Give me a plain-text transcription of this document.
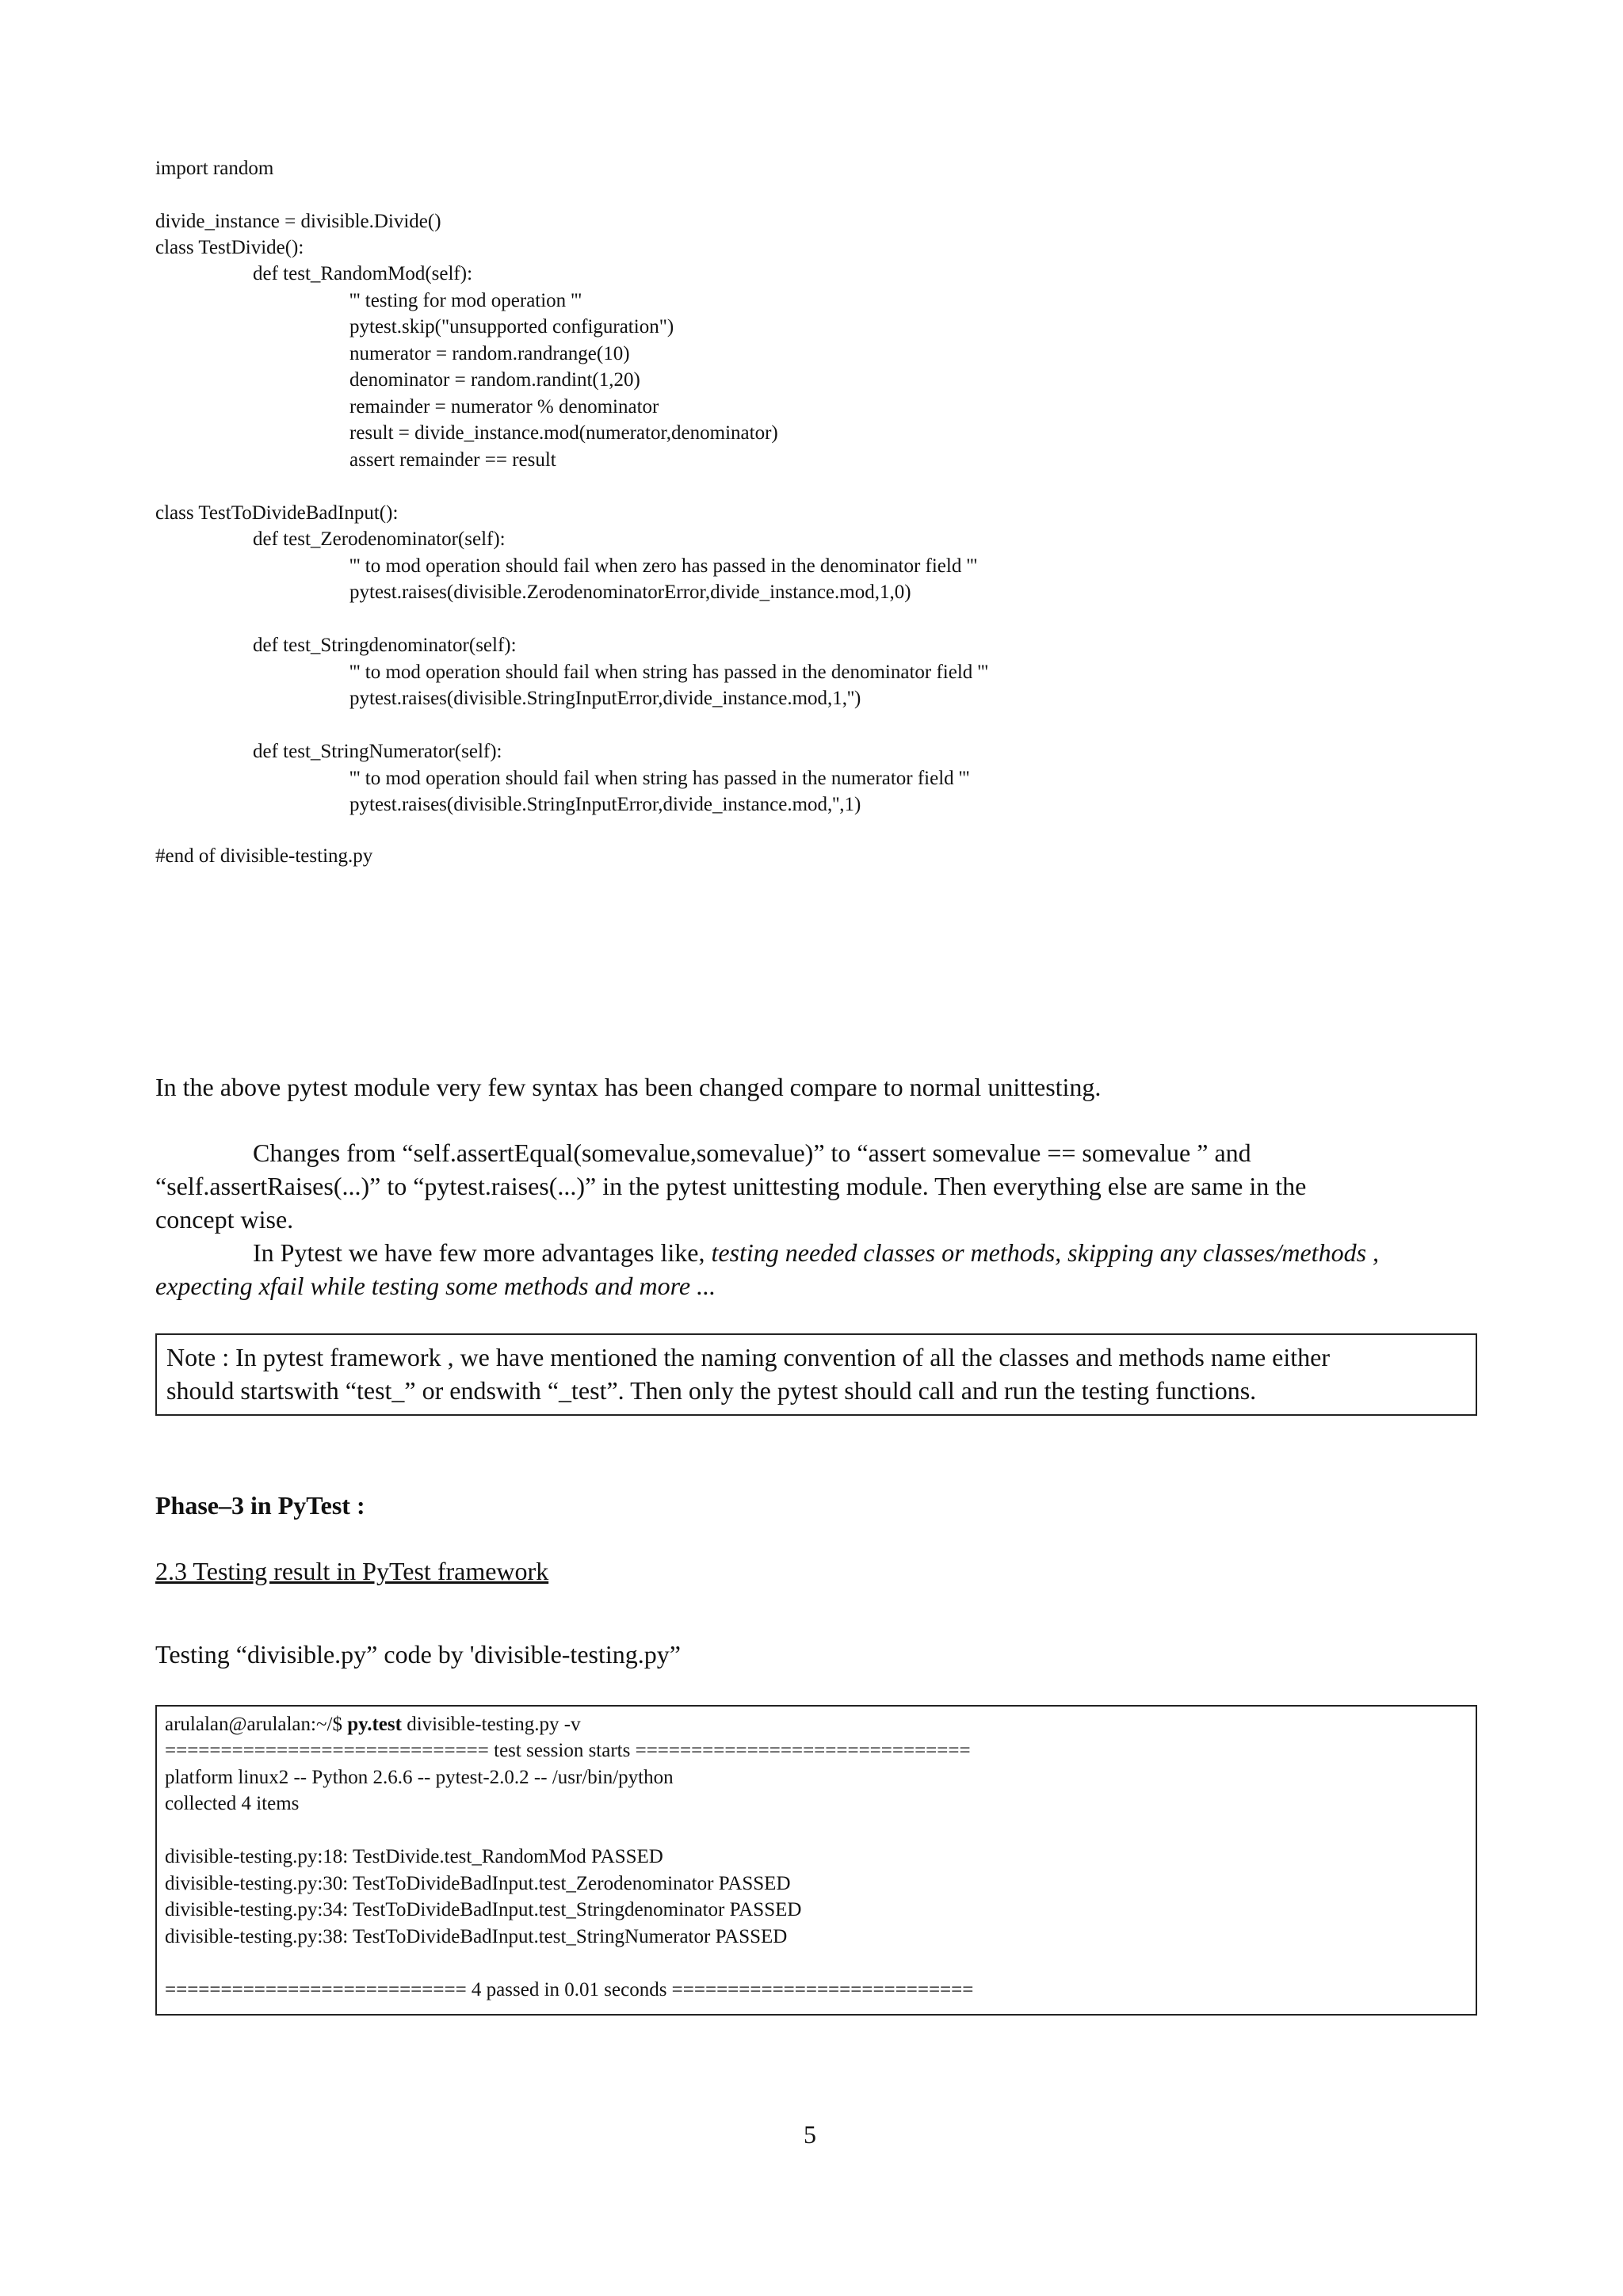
import random
divide_instance = divisible.Divide()
class TestDivide():
def test_RandomMod(self):
''' testing for mod operation '''
pytest.skip("unsupported configuration")
numerator = random.randrange(10)
denominator = random.randint(1,20)
remainder = numerator % denominator
result = divide_instance.mod(numerator,denominator)
assert remainder == result
class TestToDivideBadInput():
def test_Zerodenominator(self):
''' to mod operation should fail when zero has passed in the denominator field '''
pytest.raises(divisible.ZerodenominatorError,divide_instance.mod,1,0)
def test_Stringdenominator(self):
''' to mod operation should fail when string has passed in the denominator field '''
pytest.raises(divisible.StringInputError,divide_instance.mod,1,'')
def test_StringNumerator(self):
''' to mod operation should fail when string has passed in the numerator field '''
pytest.raises(divisible.StringInputError,divide_instance.mod,'',1)
#end of divisible-testing.py
In the above pytest module very few syntax has been changed compare to normal unittesting.
Changes from “self.assertEqual(somevalue,somevalue)” to “assert somevalue == somevalue ” and
“self.assertRaises(...)” to “pytest.raises(...)” in the pytest unittesting module. Then everything else are same in the
concept wise.
In Pytest we have few more advantages like, testing needed classes or methods, skipping any classes/methods ,
expecting xfail while testing some methods and more ...
Note : In pytest framework , we have mentioned the naming convention of all the classes and methods name either
should startswith “test_” or endswith “_test”. Then only the pytest should call and run the testing functions.
Phase–3 in PyTest :
2.3 Testing result in PyTest framework
Testing “divisible.py” code by 'divisible-testing.py”
arulalan@arulalan:~/$ py.test divisible-testing.py -v
============================= test session starts ==============================
platform linux2 -- Python 2.6.6 -- pytest-2.0.2 -- /usr/bin/python
collected 4 items
divisible-testing.py:18: TestDivide.test_RandomMod PASSED
divisible-testing.py:30: TestToDivideBadInput.test_Zerodenominator PASSED
divisible-testing.py:34: TestToDivideBadInput.test_Stringdenominator PASSED
divisible-testing.py:38: TestToDivideBadInput.test_StringNumerator PASSED
=========================== 4 passed in 0.01 seconds ===========================
5
